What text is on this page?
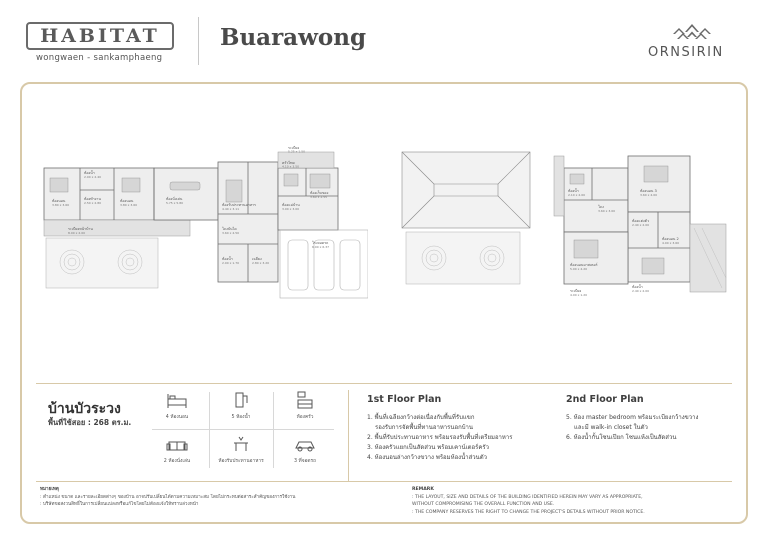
HABITAT
wongwaen - sankamphaeng
Buarawong
ORNSIRIN
ห้องนอน
3.80 x 3.60
ห้องน้ำ
2.00 x 2.40
ห้องนอน
3.80 x 3.60
ระเบียง
5.25 x 1.50
ห้องทำงาน
2.50 x 2.80
ห้องนั่งเล่น
5.75 x 5.80	ห้องรับประทานอาหาร
4.40 x 3.11
ครัวไทย
4.10 x 3.50
ห้องเก็บของ
3.60 x 2.55
ห้องแม่บ้าน
3.00 x 3.00
ระเบียงหน้าบ้าน
8.00 x 2.00
โถงบันได
3.60 x 4.50
ห้องน้ำ
2.00 x 1.70
เฉลียง
2.80 x 3.20
โรงจอดรถ
6.00 x 6.37
ห้องนอน 3
3.60 x 4.00
ห้องน้ำ
2.10 x 2.00
โถง
3.60 x 3.00
ห้องแต่งตัว
2.40 x 2.00
ห้องนอนมาสเตอร์
5.00 x 4.20
ห้องนอน 2
4.00 x 3.60
ระเบียง
4.00 x 1.20
ห้องน้ำ
2.40 x 2.00
บ้านบัวระวง
พื้นที่ใช้สอย : 268 ตร.ม.
4 ห้องนอน	5 ห้องน้ำ	ห้องครัว
2 ห้องนั่งเล่น	ห้องรับประทานอาหาร	3 ที่จอดรถ
1st Floor Plan
1. พื้นที่เฉลียงกว้างต่อเนื่องกับพื้นที่รับแขก
รองรับการจัดพื้นที่ทานอาหารนอกบ้าน
2. พื้นที่รับประทานอาหาร พร้อมรองรับพื้นที่เตรียมอาหาร
3. ห้องครัวแยกเป็นสัดส่วน พร้อมเคาน์เตอร์ครัว
4. ห้องนอนล่างกว้างขวาง พร้อมห้องน้ำส่วนตัว
2nd Floor Plan
5. ห้อง master bedroom พร้อมระเบียงกว้างขวาง
และมี walk-in closet ในตัว
6. ห้องน้ำกั้นโซนเปียก โซนแห้งเป็นสัดส่วน

หมายเหตุ

: ตำแหน่ง ขนาด และรายละเอียดต่างๆ ของบ้าน อาจปรับเปลี่ยนได้ตามความเหมาะสม โดยไม่กระทบต่อสาระสำคัญของการใช้งาน

: บริษัทขอสงวนสิทธิ์ในการเปลี่ยนแปลงหรือแก้ไขโดยไม่ต้องแจ้งให้ทราบล่วงหน้า

REMARK

: THE LAYOUT, SIZE AND DETAILS OF THE BUILDING IDENTIFIED HEREIN MAY VARY AS APPROPRIATE,

WITHOUT COMPROMISING THE OVERALL FUNCTION AND USE.

: THE COMPANY RESERVES THE RIGHT TO CHANGE THE PROJECT'S DETAILS WITHOUT PRIOR NOTICE.
